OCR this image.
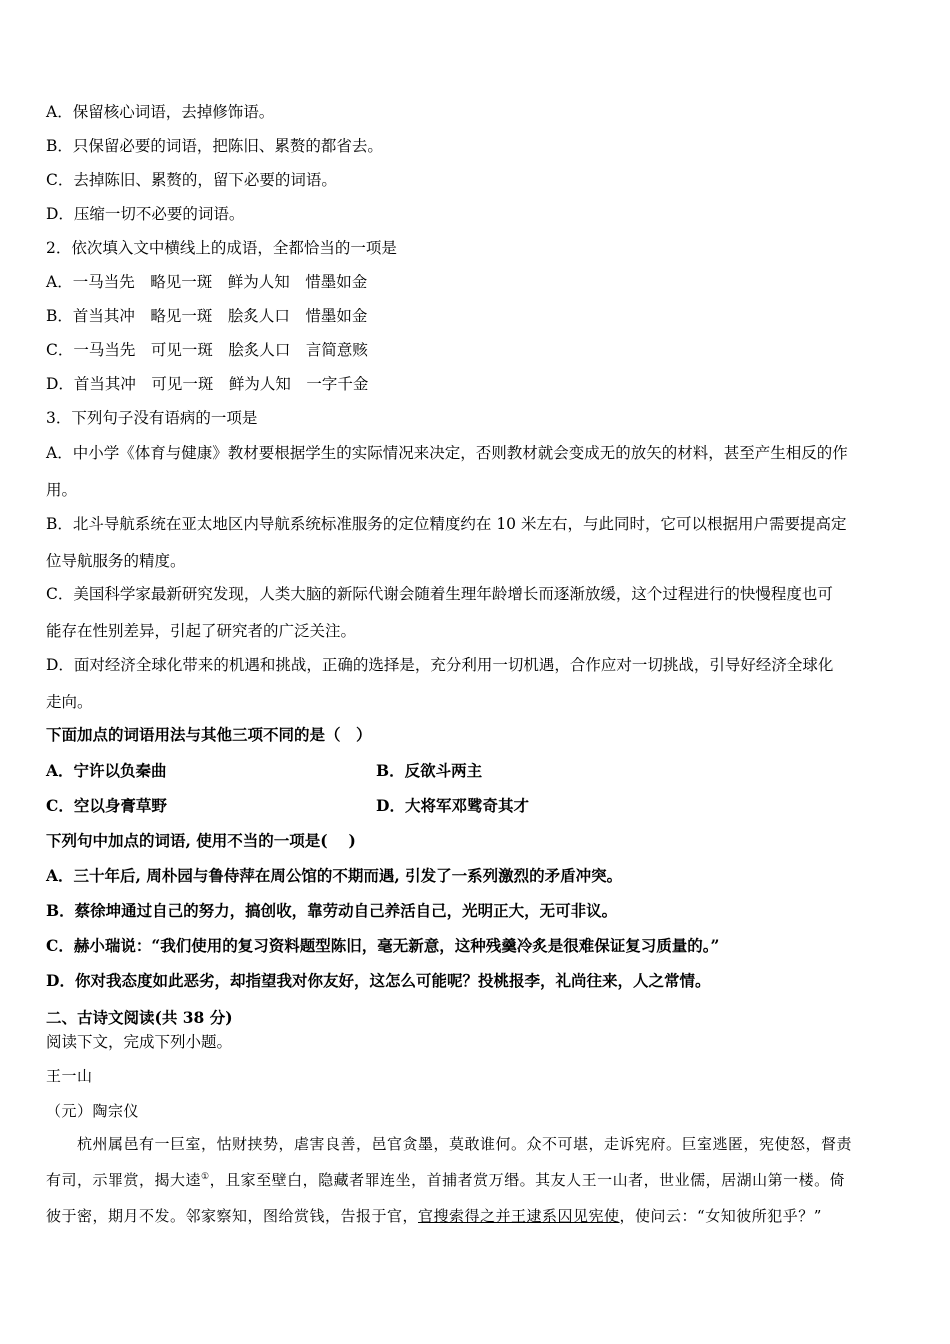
A．保留核心词语，去掉修饰语。
B．只保留必要的词语，把陈旧、累赘的都省去。
C．去掉陈旧、累赘的，留下必要的词语。
D．压缩一切不必要的词语。
2．依次填入文中横线上的成语，全都恰当的一项是
A．一马当先　略见一斑　鲜为人知　惜墨如金
B．首当其冲　略见一斑　脍炙人口　惜墨如金
C．一马当先　可见一斑　脍炙人口　言简意赅
D．首当其冲　可见一斑　鲜为人知　一字千金
3．下列句子没有语病的一项是
A．中小学《体育与健康》教材要根据学生的实际情况来决定，否则教材就会变成无的放矢的材料，甚至产生相反的作
用。
B．北斗导航系统在亚太地区内导航系统标准服务的定位精度约在 10 米左右，与此同时，它可以根据用户需要提高定
位导航服务的精度。
C．美国科学家最新研究发现，人类大脑的新际代谢会随着生理年龄增长而逐渐放缓，这个过程进行的快慢程度也可
能存在性别差异，引起了研究者的广泛关注。
D．面对经济全球化带来的机遇和挑战，正确的选择是，充分利用一切机遇，合作应对一切挑战，引导好经济全球化
走向。
下面加点的词语用法与其他三项不同的是（　）
A．宁许以负秦曲	B．反欲斗两主
C．空以身膏草野	D．大将军邓骘奇其才
下列句中加点的词语, 使用不当的一项是(　 )
A．三十年后, 周朴园与鲁侍萍在周公馆的不期而遇, 引发了一系列激烈的矛盾冲突。
B．蔡徐坤通过自己的努力，搞创收，靠劳动自己养活自己，光明正大，无可非议。
C．赫小瑞说：“我们使用的复习资料题型陈旧，毫无新意，这种残羹冷炙是很难保证复习质量的。”
D．你对我态度如此恶劣，却指望我对你友好，这怎么可能呢？投桃报李，礼尚往来，人之常情。
二、古诗文阅读(共 38 分)
阅读下文，完成下列小题。
王一山
（元）陶宗仪
　　杭州属邑有一巨室，怙财挟势，虐害良善，邑官贪墨，莫敢谁何。众不可堪，走诉宪府。巨室逃匿，宪使怒，督责
有司，示罪赏，揭大逵①，且家至壁白，隐藏者罪连坐，首捕者赏万缗。其友人王一山者，世业儒，居湖山第一楼。倚
彼于密，期月不发。邻家察知，图给赏钱，告报于官，官搜索得之并王逮系囚见宪使，使问云：“女知彼所犯乎？”
